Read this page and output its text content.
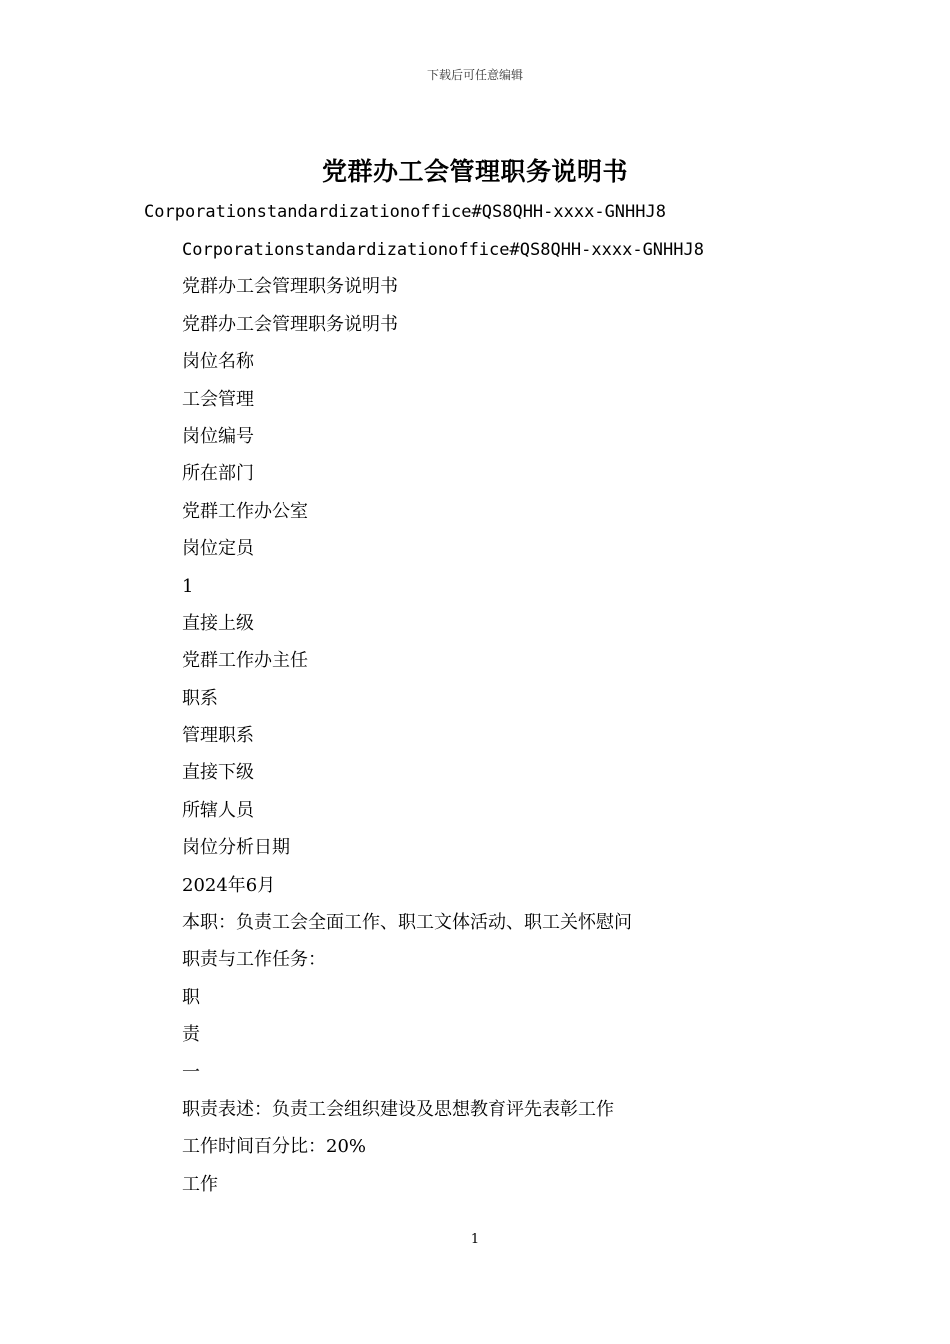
下载后可任意编辑
党群办工会管理职务说明书
Corporationstandardizationoffice#QS8QHH-xxxx-GNHHJ8
Corporationstandardizationoffice#QS8QHH-xxxx-GNHHJ8
党群办工会管理职务说明书
党群办工会管理职务说明书
岗位名称
工会管理
岗位编号
所在部门
党群工作办公室
岗位定员
1
直接上级
党群工作办主任
职系
管理职系
直接下级
所辖人员
岗位分析日期
2024年6月
本职：负责工会全面工作、职工文体活动、职工关怀慰问
职责与工作任务：
职
责
一
职责表述：负责工会组织建设及思想教育评先表彰工作
工作时间百分比：20%
工作
1
